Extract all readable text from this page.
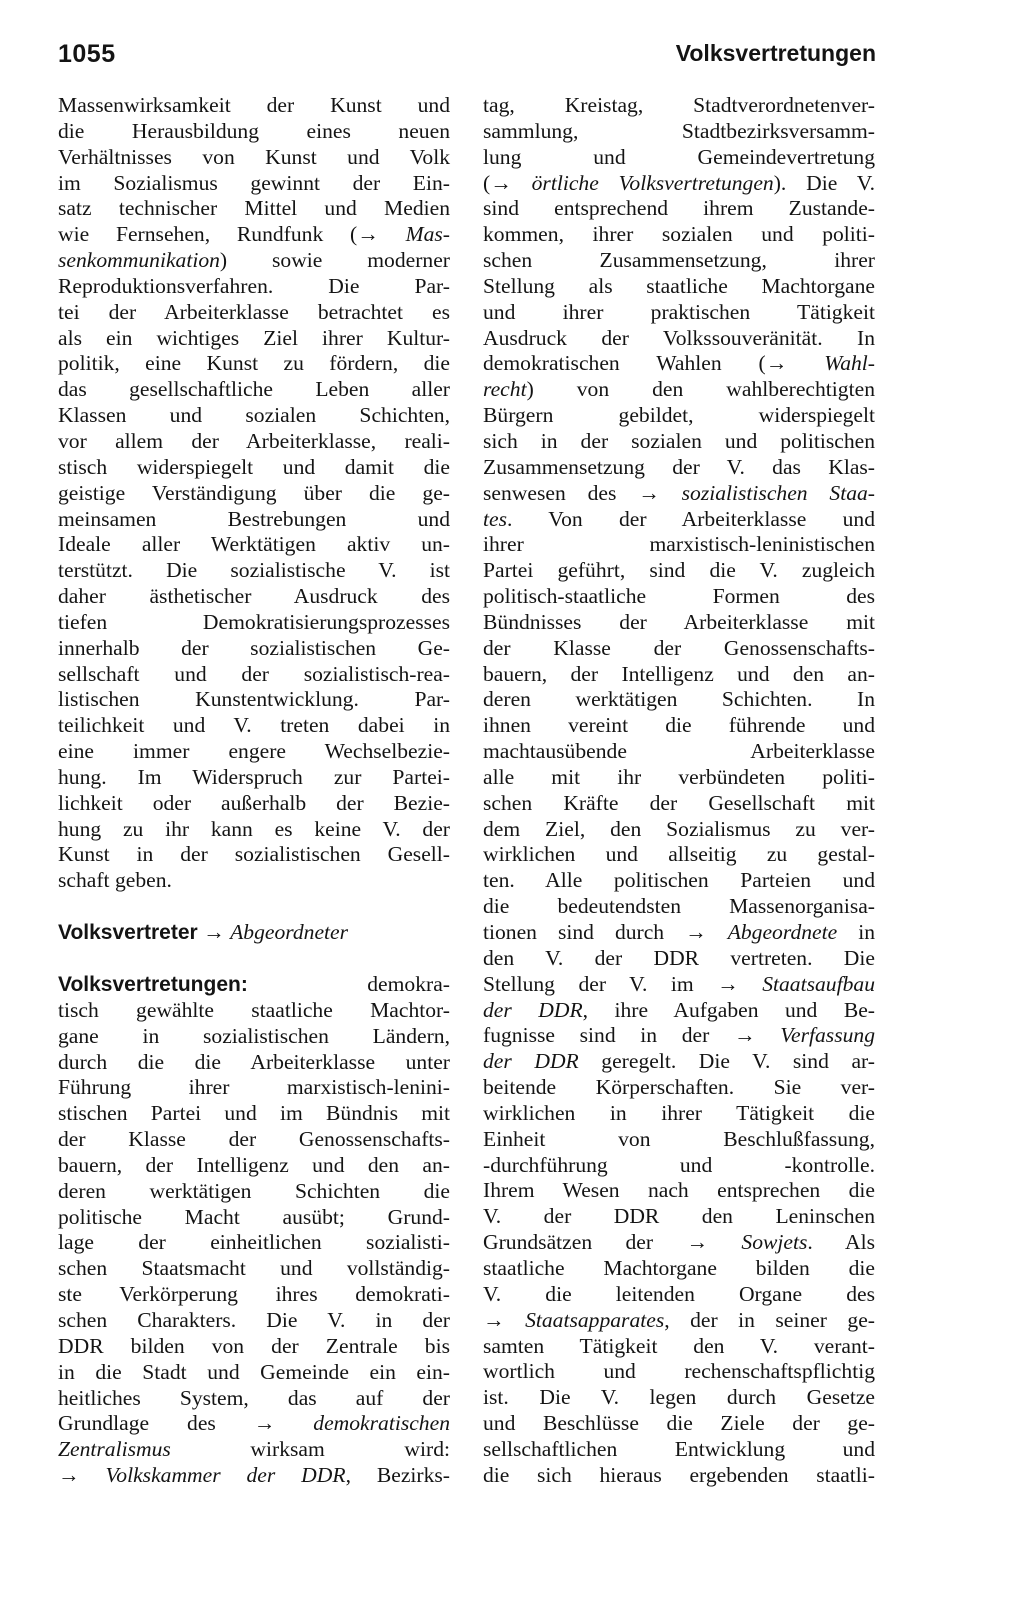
1055	Volksvertretungen
Massenwirksamkeit der Kunst und
die Herausbildung eines neuen
Verhältnisses von Kunst und Volk
im Sozialismus gewinnt der Ein-
satz technischer Mittel und Medien
wie Fernsehen, Rundfunk (→ Mas-
senkommunikation) sowie moderner
Reproduktionsverfahren. Die Par-
tei der Arbeiterklasse betrachtet es
als ein wichtiges Ziel ihrer Kultur-
politik, eine Kunst zu fördern, die
das gesellschaftliche Leben aller
Klassen und sozialen Schichten,
vor allem der Arbeiterklasse, reali-
stisch widerspiegelt und damit die
geistige Verständigung über die ge-
meinsamen Bestrebungen und
Ideale aller Werktätigen aktiv un-
terstützt. Die sozialistische V. ist
daher ästhetischer Ausdruck des
tiefen Demokratisierungsprozesses
innerhalb der sozialistischen Ge-
sellschaft und der sozialistisch-rea-
listischen Kunstentwicklung. Par-
teilichkeit und V. treten dabei in
eine immer engere Wechselbezie-
hung. Im Widerspruch zur Partei-
lichkeit oder außerhalb der Bezie-
hung zu ihr kann es keine V. der
Kunst in der sozialistischen Gesell-
schaft geben.
Volksvertreter → Abgeordneter
Volksvertretungen:	demokra-
tisch gewählte staatliche Machtor-
gane in sozialistischen Ländern,
durch die die Arbeiterklasse unter
Führung ihrer marxistisch-lenini-
stischen Partei und im Bündnis mit
der Klasse der Genossenschafts-
bauern, der Intelligenz und den an-
deren werktätigen Schichten die
politische Macht ausübt; Grund-
lage der einheitlichen sozialisti-
schen Staatsmacht und vollständig-
ste Verkörperung ihres demokrati-
schen Charakters. Die V. in der
DDR bilden von der Zentrale bis
in die Stadt und Gemeinde ein ein-
heitliches System, das auf der
Grundlage des → demokratischen
Zentralismus wirksam wird:
→ Volkskammer der DDR, Bezirks-
tag, Kreistag, Stadtverordnetenver-
sammlung, Stadtbezirksversamm-
lung und Gemeindevertretung
(→ örtliche Volksvertretungen). Die V.
sind entsprechend ihrem Zustande-
kommen, ihrer sozialen und politi-
schen Zusammensetzung, ihrer
Stellung als staatliche Machtorgane
und ihrer praktischen Tätigkeit
Ausdruck der Volkssouveränität. In
demokratischen Wahlen (→ Wahl-
recht) von den wahlberechtigten
Bürgern gebildet, widerspiegelt
sich in der sozialen und politischen
Zusammensetzung der V. das Klas-
senwesen des → sozialistischen Staa-
tes. Von der Arbeiterklasse und
ihrer marxistisch-leninistischen
Partei geführt, sind die V. zugleich
politisch-staatliche Formen des
Bündnisses der Arbeiterklasse mit
der Klasse der Genossenschafts-
bauern, der Intelligenz und den an-
deren werktätigen Schichten. In
ihnen vereint die führende und
machtausübende Arbeiterklasse
alle mit ihr verbündeten politi-
schen Kräfte der Gesellschaft mit
dem Ziel, den Sozialismus zu ver-
wirklichen und allseitig zu gestal-
ten. Alle politischen Parteien und
die bedeutendsten Massenorganisa-
tionen sind durch → Abgeordnete in
den V. der DDR vertreten. Die
Stellung der V. im → Staatsaufbau
der DDR, ihre Aufgaben und Be-
fugnisse sind in der → Verfassung
der DDR geregelt. Die V. sind ar-
beitende Körperschaften. Sie ver-
wirklichen in ihrer Tätigkeit die
Einheit von Beschlußfassung,
-durchführung und -kontrolle.
Ihrem Wesen nach entsprechen die
V. der DDR den Leninschen
Grundsätzen der → Sowjets. Als
staatliche Machtorgane bilden die
V. die leitenden Organe des
→ Staatsapparates, der in seiner ge-
samten Tätigkeit den V. verant-
wortlich und rechenschaftspflichtig
ist. Die V. legen durch Gesetze
und Beschlüsse die Ziele der ge-
sellschaftlichen Entwicklung und
die sich hieraus ergebenden staatli-
